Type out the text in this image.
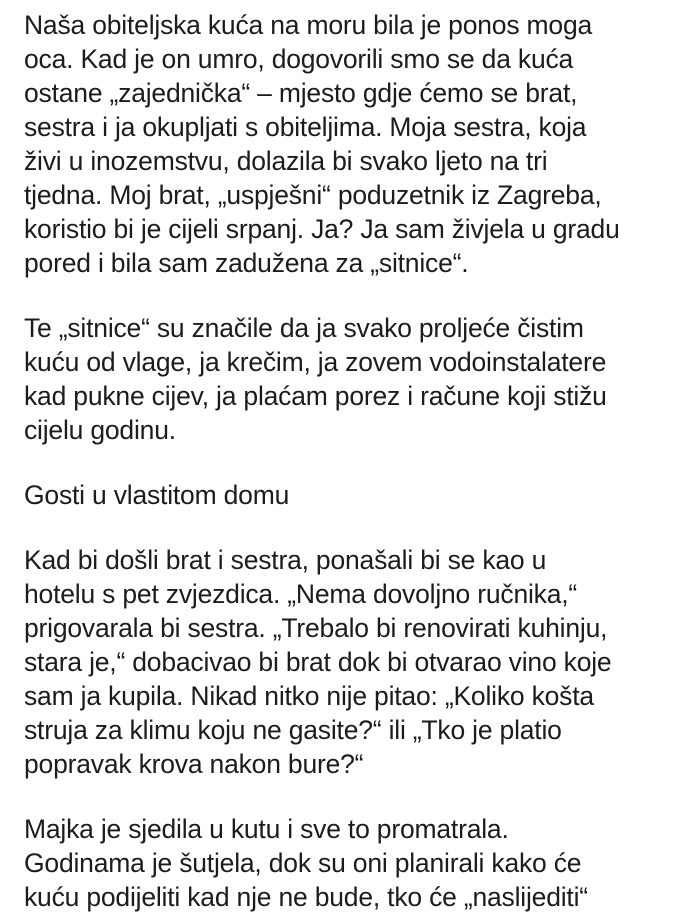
Naša obiteljska kuća na moru bila je ponos moga
oca. Kad je on umro, dogovorili smo se da kuća
ostane „zajednička“ – mjesto gdje ćemo se brat,
sestra i ja okupljati s obiteljima. Moja sestra, koja
živi u inozemstvu, dolazila bi svako ljeto na tri
tjedna. Moj brat, „uspješni“ poduzetnik iz Zagreba,
koristio bi je cijeli srpanj. Ja? Ja sam živjela u gradu
pored i bila sam zadužena za „sitnice“.
Te „sitnice“ su značile da ja svako proljeće čistim
kuću od vlage, ja krečim, ja zovem vodoinstalatere
kad pukne cijev, ja plaćam porez i račune koji stižu
cijelu godinu.
Gosti u vlastitom domu
Kad bi došli brat i sestra, ponašali bi se kao u
hotelu s pet zvjezdica. „Nema dovoljno ručnika,“
prigovarala bi sestra. „Trebalo bi renovirati kuhinju,
stara je,“ dobacivao bi brat dok bi otvarao vino koje
sam ja kupila. Nikad nitko nije pitao: „Koliko košta
struja za klimu koju ne gasite?“ ili „Tko je platio
popravak krova nakon bure?“
Majka je sjedila u kutu i sve to promatrala.
Godinama je šutjela, dok su oni planirali kako će
kuću podijeliti kad nje ne bude, tko će „naslijediti“
